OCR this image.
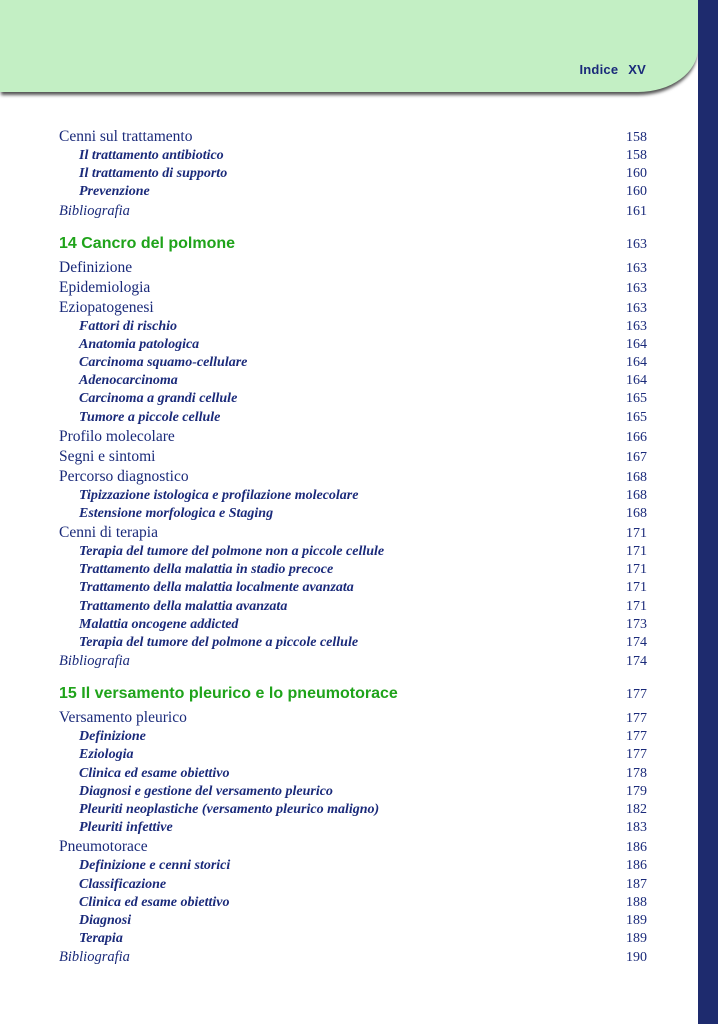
Indice XV
Cenni sul trattamento	158
Il trattamento antibiotico	158
Il trattamento di supporto	160
Prevenzione	160
Bibliografia	161
14 Cancro del polmone	163
Definizione	163
Epidemiologia	163
Eziopatogenesi	163
Fattori di rischio	163
Anatomia patologica	164
Carcinoma squamo-cellulare	164
Adenocarcinoma	164
Carcinoma a grandi cellule	165
Tumore a piccole cellule	165
Profilo molecolare	166
Segni e sintomi	167
Percorso diagnostico	168
Tipizzazione istologica e profilazione molecolare	168
Estensione morfologica e Staging	168
Cenni di terapia	171
Terapia del tumore del polmone non a piccole cellule	171
Trattamento della malattia in stadio precoce	171
Trattamento della malattia localmente avanzata	171
Trattamento della malattia avanzata	171
Malattia oncogene addicted	173
Terapia del tumore del polmone a piccole cellule	174
Bibliografia	174
15 Il versamento pleurico e lo pneumotorace	177
Versamento pleurico	177
Definizione	177
Eziologia	177
Clinica ed esame obiettivo	178
Diagnosi e gestione del versamento pleurico	179
Pleuriti neoplastiche (versamento pleurico maligno)	182
Pleuriti infettive	183
Pneumotorace	186
Definizione e cenni storici	186
Classificazione	187
Clinica ed esame obiettivo	188
Diagnosi	189
Terapia	189
Bibliografia	190
